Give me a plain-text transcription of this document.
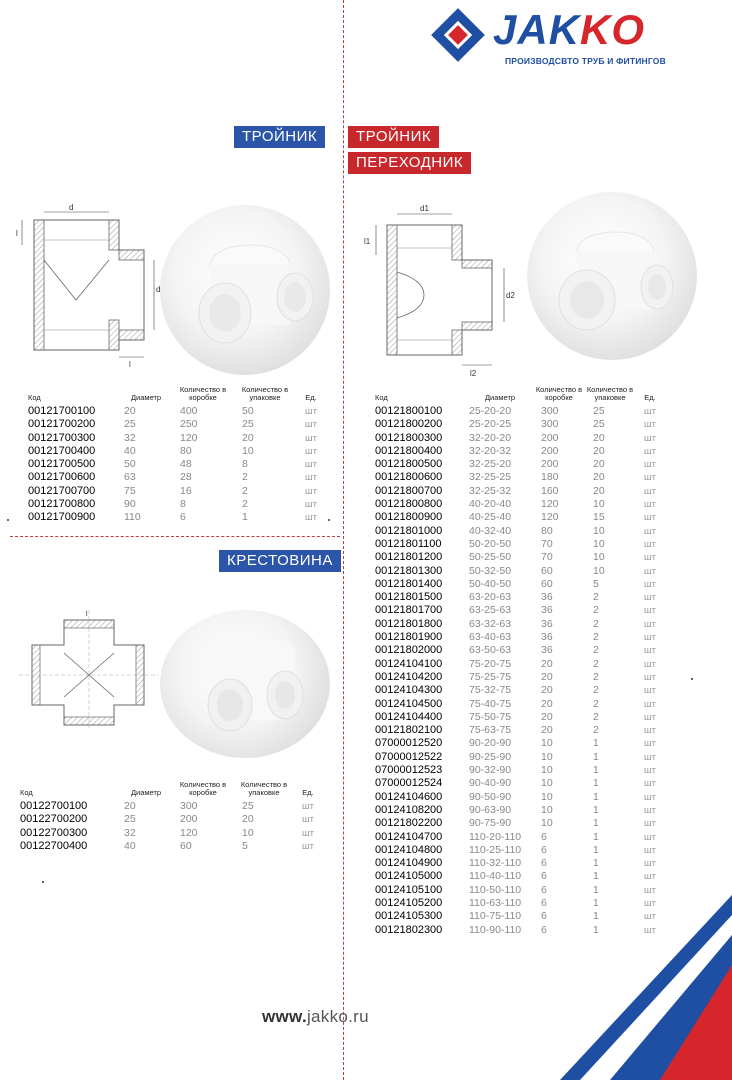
JAKKO
ПРОИЗВОДСВТО ТРУБ И ФИТИНГОВ
ТРОЙНИК
d
d
l
l
Код	Диаметр	Количество в коробке	Количество в упаковке	Ед.
00121700100	20	400	50	шт
00121700200	25	250	25	шт
00121700300	32	120	20	шт
00121700400	40	80	10	шт
00121700500	50	48	8	шт
00121700600	63	28	2	шт
00121700700	75	16	2	шт
00121700800	90	8	2	шт
00121700900	110	6	1	шт
КРЕСТОВИНА
l
Код	Диаметр	Количество в коробке	Количество в упаковке	Ед.
00122700100	20	300	25	шт
00122700200	25	200	20	шт
00122700300	32	120	10	шт
00122700400	40	60	5	шт
ТРОЙНИК
ПЕРЕХОДНИК
d1
l1
d2
l2
Код	Диаметр	Количество в коробке	Количество в упаковке	Ед.
00121800100	25-20-20	300	25	шт
00121800200	25-20-25	300	25	шт
00121800300	32-20-20	200	20	шт
00121800400	32-20-32	200	20	шт
00121800500	32-25-20	200	20	шт
00121800600	32-25-25	180	20	шт
00121800700	32-25-32	160	20	шт
00121800800	40-20-40	120	10	шт
00121800900	40-25-40	120	15	шт
00121801000	40-32-40	80	10	шт
00121801100	50-20-50	70	10	шт
00121801200	50-25-50	70	10	шт
00121801300	50-32-50	60	10	шт
00121801400	50-40-50	60	5	шт
00121801500	63-20-63	36	2	шт
00121801700	63-25-63	36	2	шт
00121801800	63-32-63	36	2	шт
00121801900	63-40-63	36	2	шт
00121802000	63-50-63	36	2	шт
00124104100	75-20-75	20	2	шт
00124104200	75-25-75	20	2	шт
00124104300	75-32-75	20	2	шт
00124104500	75-40-75	20	2	шт
00124104400	75-50-75	20	2	шт
00121802100	75-63-75	20	2	шт
07000012520	90-20-90	10	1	шт
07000012522	90-25-90	10	1	шт
07000012523	90-32-90	10	1	шт
07000012524	90-40-90	10	1	шт
00124104600	90-50-90	10	1	шт
00124108200	90-63-90	10	1	шт
00121802200	90-75-90	10	1	шт
00124104700	110-20-110	6	1	шт
00124104800	110-25-110	6	1	шт
00124104900	110-32-110	6	1	шт
00124105000	110-40-110	6	1	шт
00124105100	110-50-110	6	1	шт
00124105200	110-63-110	6	1	шт
00124105300	110-75-110	6	1	шт
00121802300	110-90-110	6	1	шт
www.jakko.ru
